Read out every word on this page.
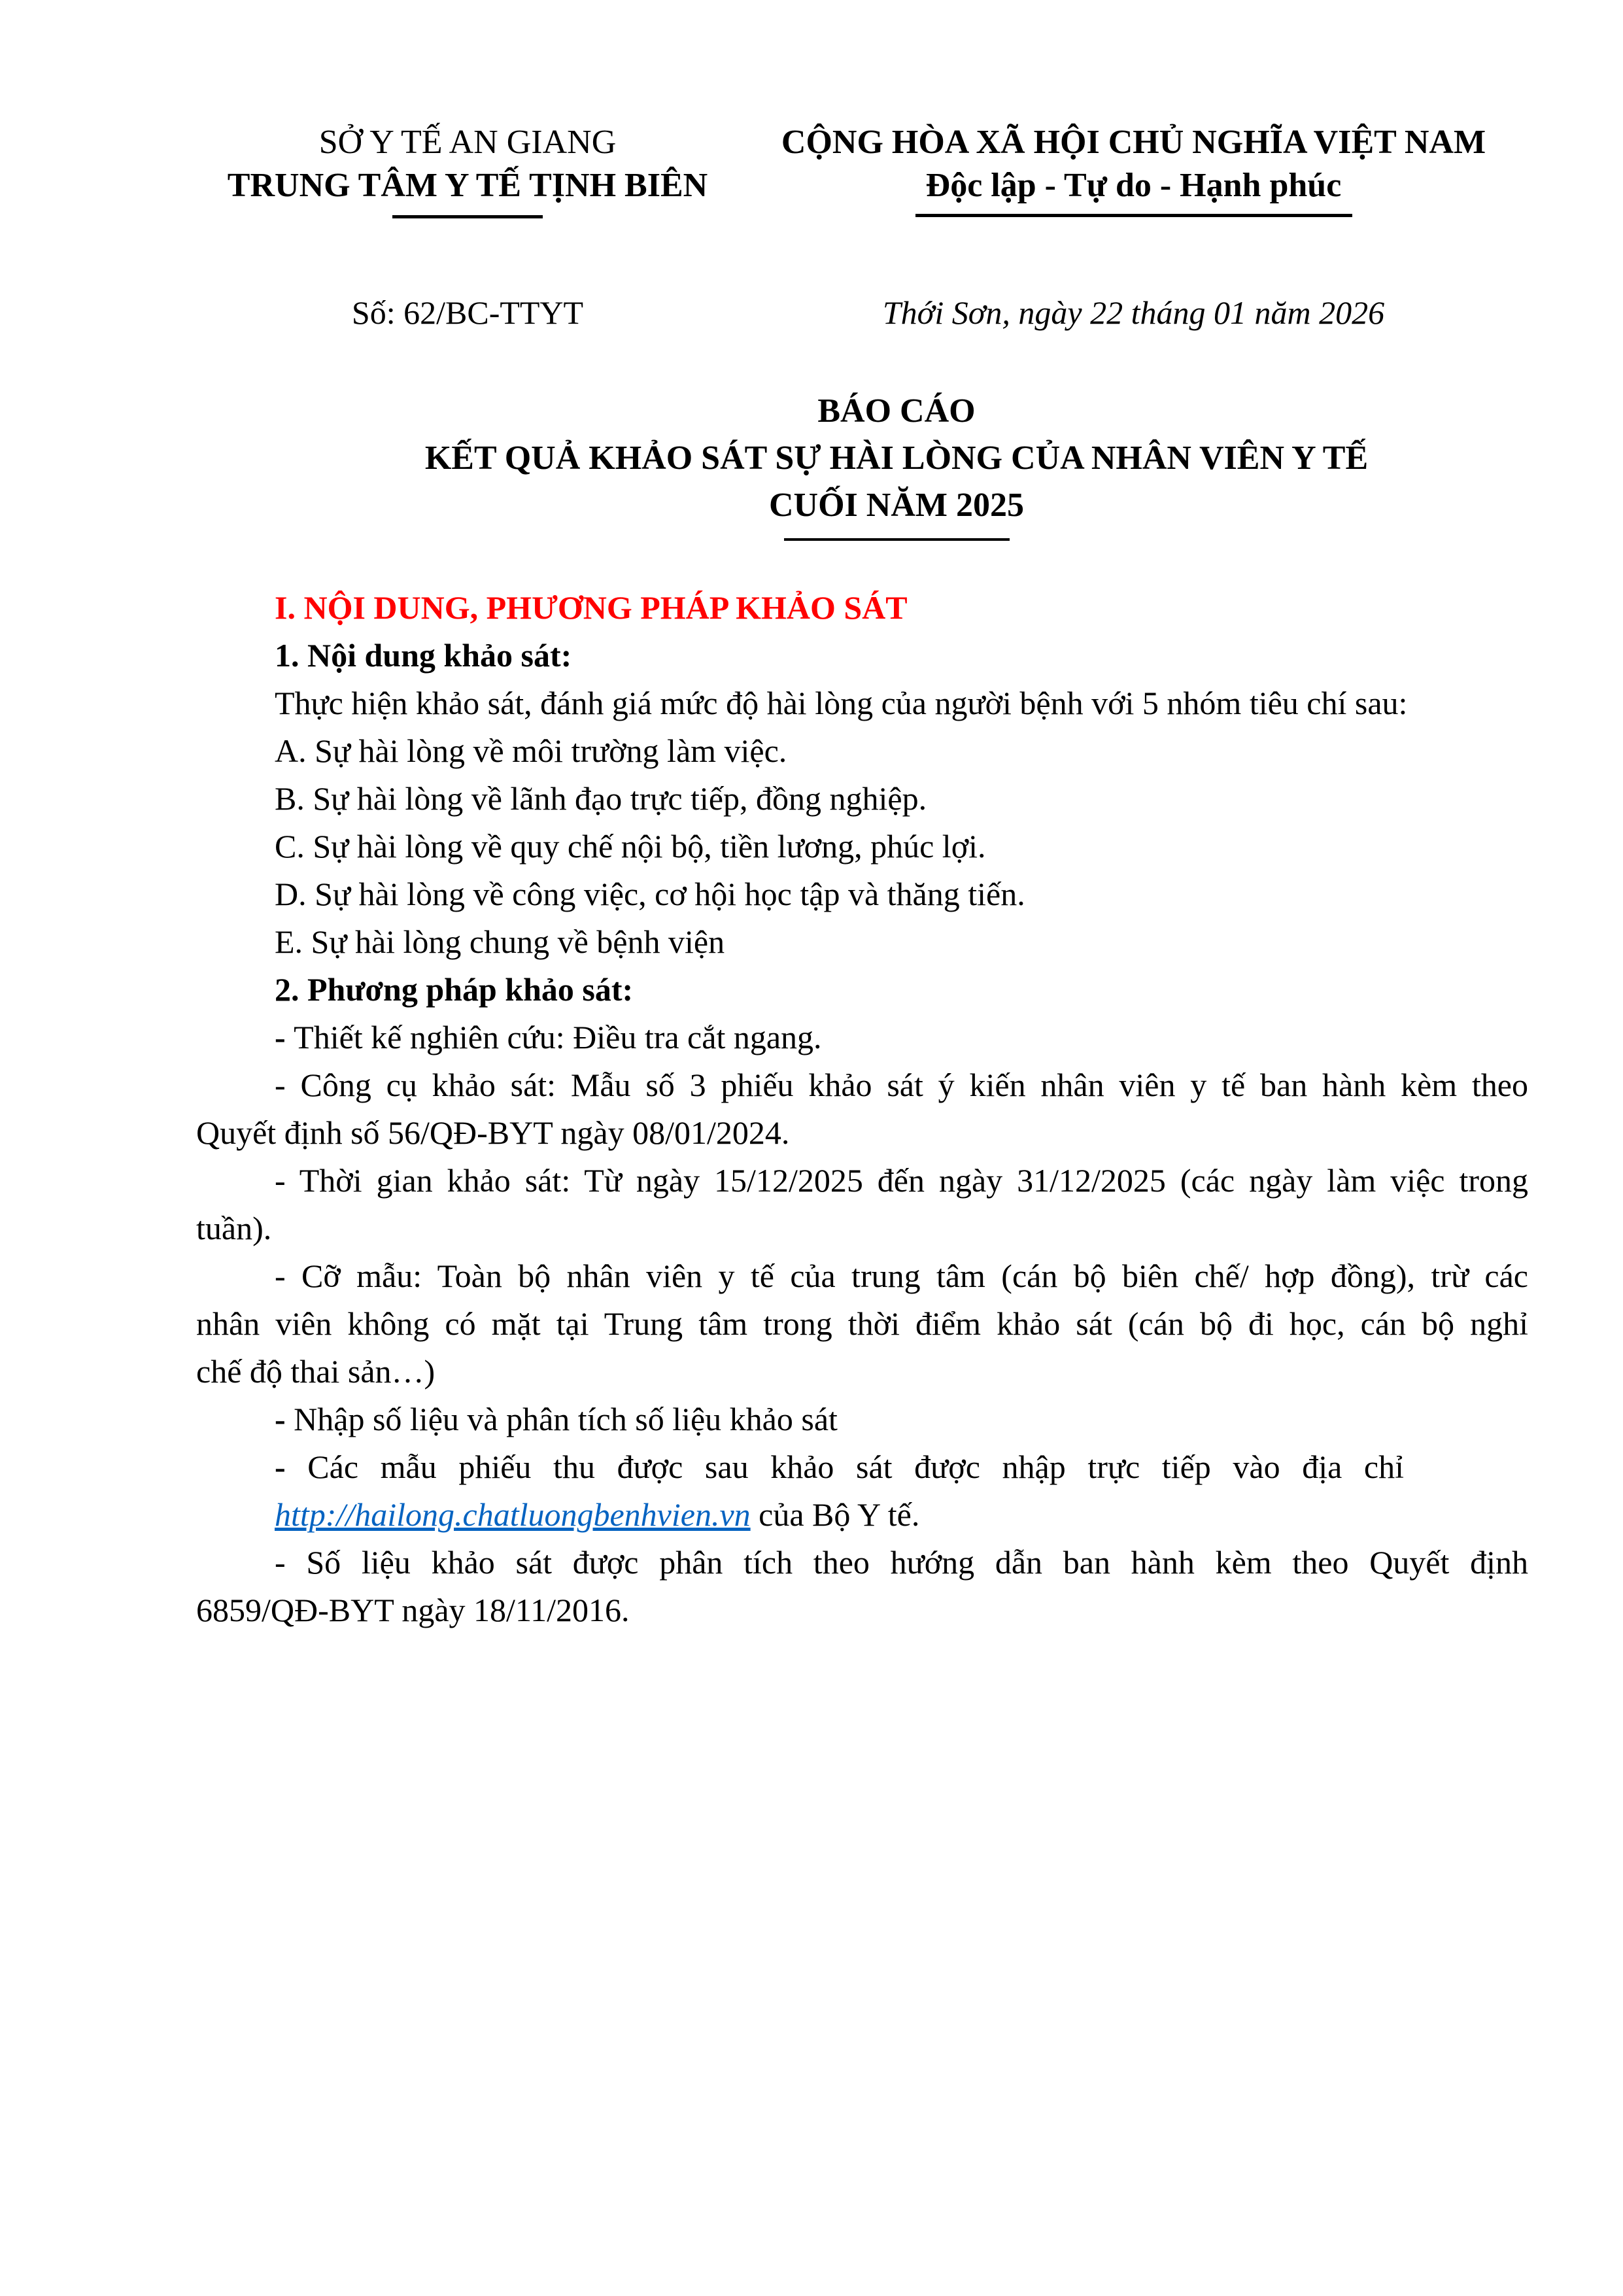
SỞ Y TẾ AN GIANG
TRUNG TÂM Y TẾ TỊNH BIÊN
CỘNG HÒA XÃ HỘI CHỦ NGHĨA VIỆT NAM
Độc lập - Tự do - Hạnh phúc
Số: 62/BC-TTYT	Thới Sơn, ngày 22 tháng 01 năm 2026
BÁO CÁO
KẾT QUẢ KHẢO SÁT SỰ HÀI LÒNG CỦA NHÂN VIÊN Y TẾ
CUỐI NĂM 2025
I. NỘI DUNG, PHƯƠNG PHÁP KHẢO SÁT
1. Nội dung khảo sát:
Thực hiện khảo sát, đánh giá mức độ hài lòng của người bệnh với 5 nhóm tiêu chí sau:
A. Sự hài lòng về môi trường làm việc.
B. Sự hài lòng về lãnh đạo trực tiếp, đồng nghiệp.
C. Sự hài lòng về quy chế nội bộ, tiền lương, phúc lợi.
D. Sự hài lòng về công việc, cơ hội học tập và thăng tiến.
E. Sự hài lòng chung về bệnh viện
2. Phương pháp khảo sát:
- Thiết kế nghiên cứu: Điều tra cắt ngang.
- Công cụ khảo sát: Mẫu số 3 phiếu khảo sát ý kiến nhân viên y tế ban hành kèm theo
Quyết định số 56/QĐ-BYT ngày 08/01/2024.
- Thời gian khảo sát: Từ ngày 15/12/2025 đến ngày 31/12/2025 (các ngày làm việc trong
tuần).
- Cỡ mẫu: Toàn bộ nhân viên y tế của trung tâm (cán bộ biên chế/ hợp đồng), trừ các
nhân viên không có mặt tại Trung tâm trong thời điểm khảo sát (cán bộ đi học, cán bộ nghỉ
chế độ thai sản…)
- Nhập số liệu và phân tích số liệu khảo sát
- Các mẫu phiếu thu được sau khảo sát được nhập trực tiếp vào địa chỉ
http://hailong.chatluongbenhvien.vn của Bộ Y tế.
- Số liệu khảo sát được phân tích theo hướng dẫn ban hành kèm theo Quyết định
6859/QĐ-BYT ngày 18/11/2016.
